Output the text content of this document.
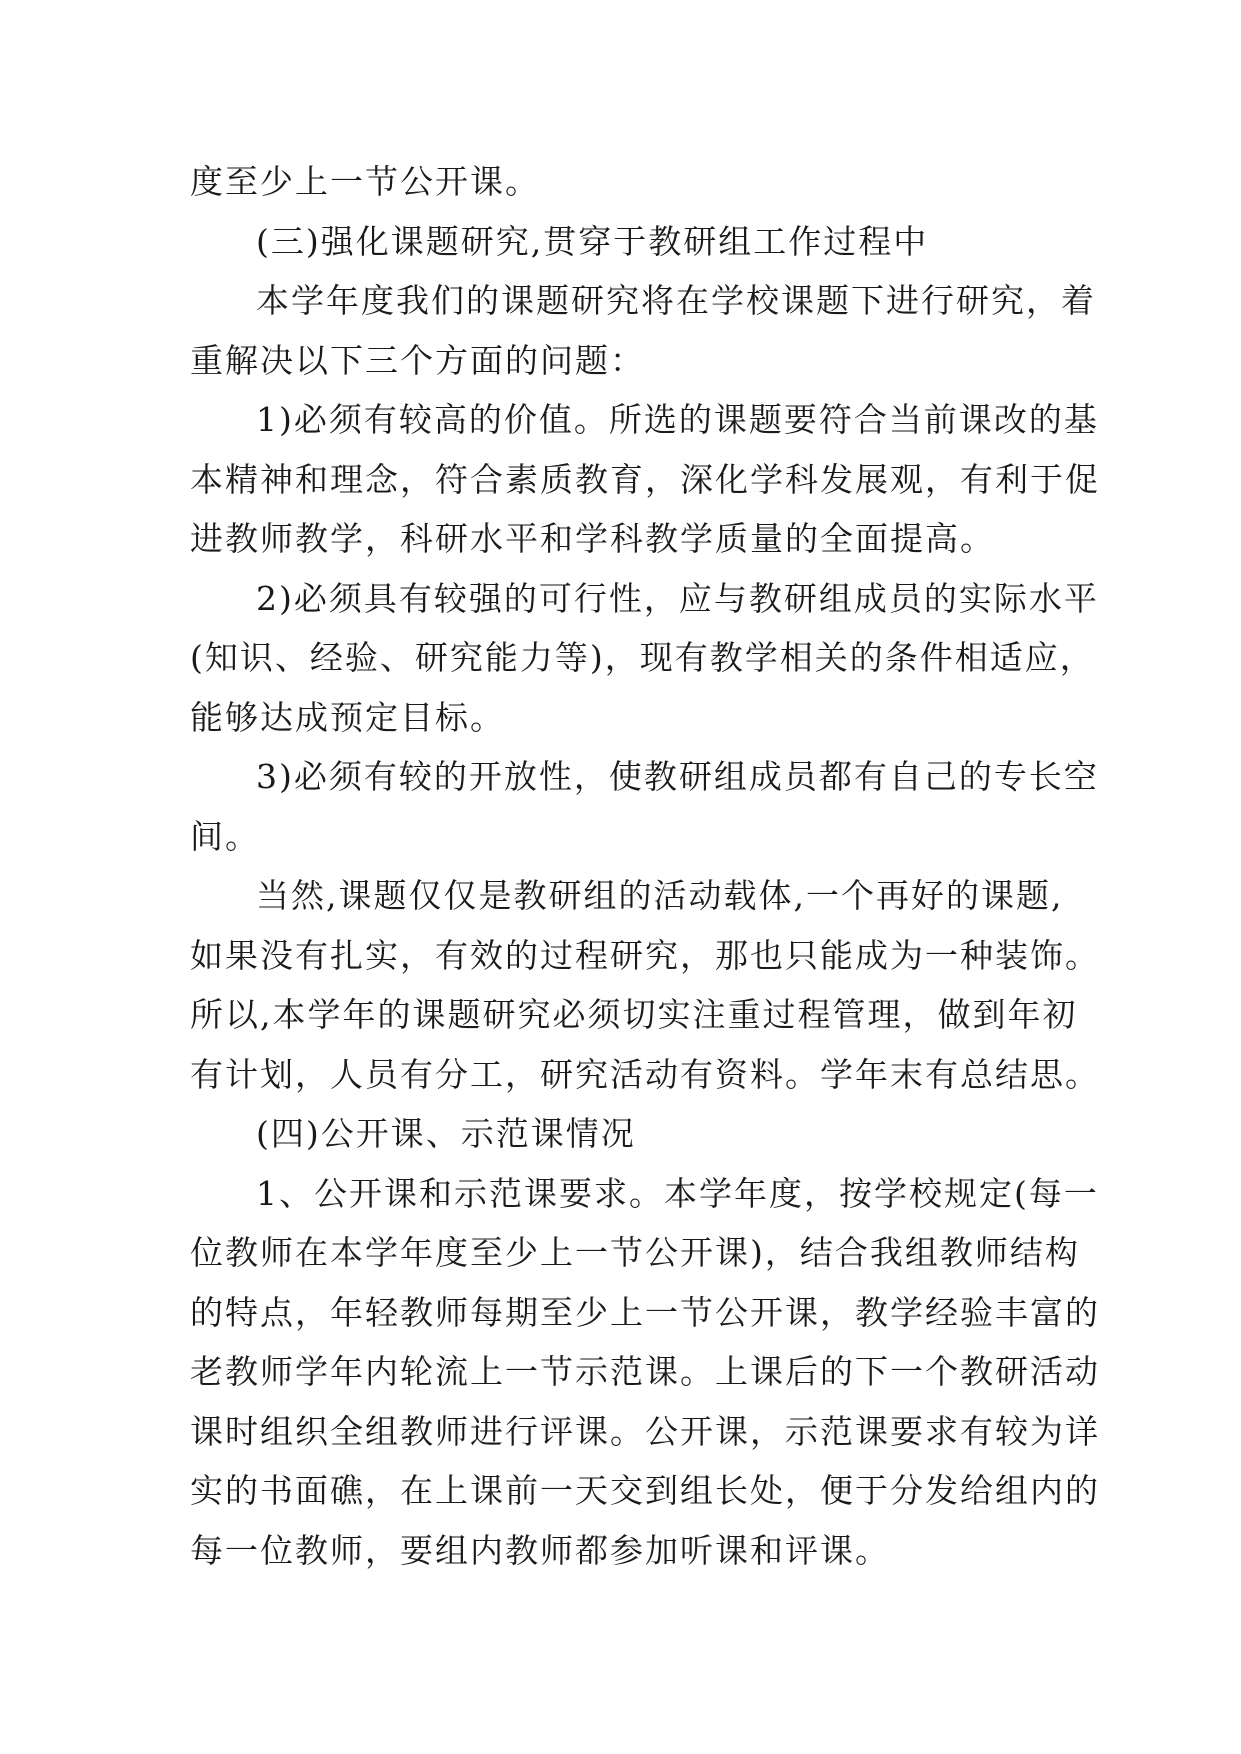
度至少上一节公开课。
(三)强化课题研究,贯穿于教研组工作过程中
本学年度我们的课题研究将在学校课题下进行研究，着
重解决以下三个方面的问题：
1)必须有较高的价值。所选的课题要符合当前课改的基
本精神和理念，符合素质教育，深化学科发展观，有利于促
进教师教学，科研水平和学科教学质量的全面提高。
2)必须具有较强的可行性，应与教研组成员的实际水平
(知识、经验、研究能力等)，现有教学相关的条件相适应，
能够达成预定目标。
3)必须有较的开放性，使教研组成员都有自己的专长空
间。
当然,课题仅仅是教研组的活动载体,一个再好的课题,
如果没有扎实，有效的过程研究，那也只能成为一种装饰。
所以,本学年的课题研究必须切实注重过程管理，做到年初
有计划，人员有分工，研究活动有资料。学年末有总结思。
(四)公开课、示范课情况
1、公开课和示范课要求。本学年度，按学校规定(每一
位教师在本学年度至少上一节公开课)，结合我组教师结构
的特点，年轻教师每期至少上一节公开课，教学经验丰富的
老教师学年内轮流上一节示范课。上课后的下一个教研活动
课时组织全组教师进行评课。公开课，示范课要求有较为详
实的书面礁，在上课前一天交到组长处，便于分发给组内的
每一位教师，要组内教师都参加听课和评课。
